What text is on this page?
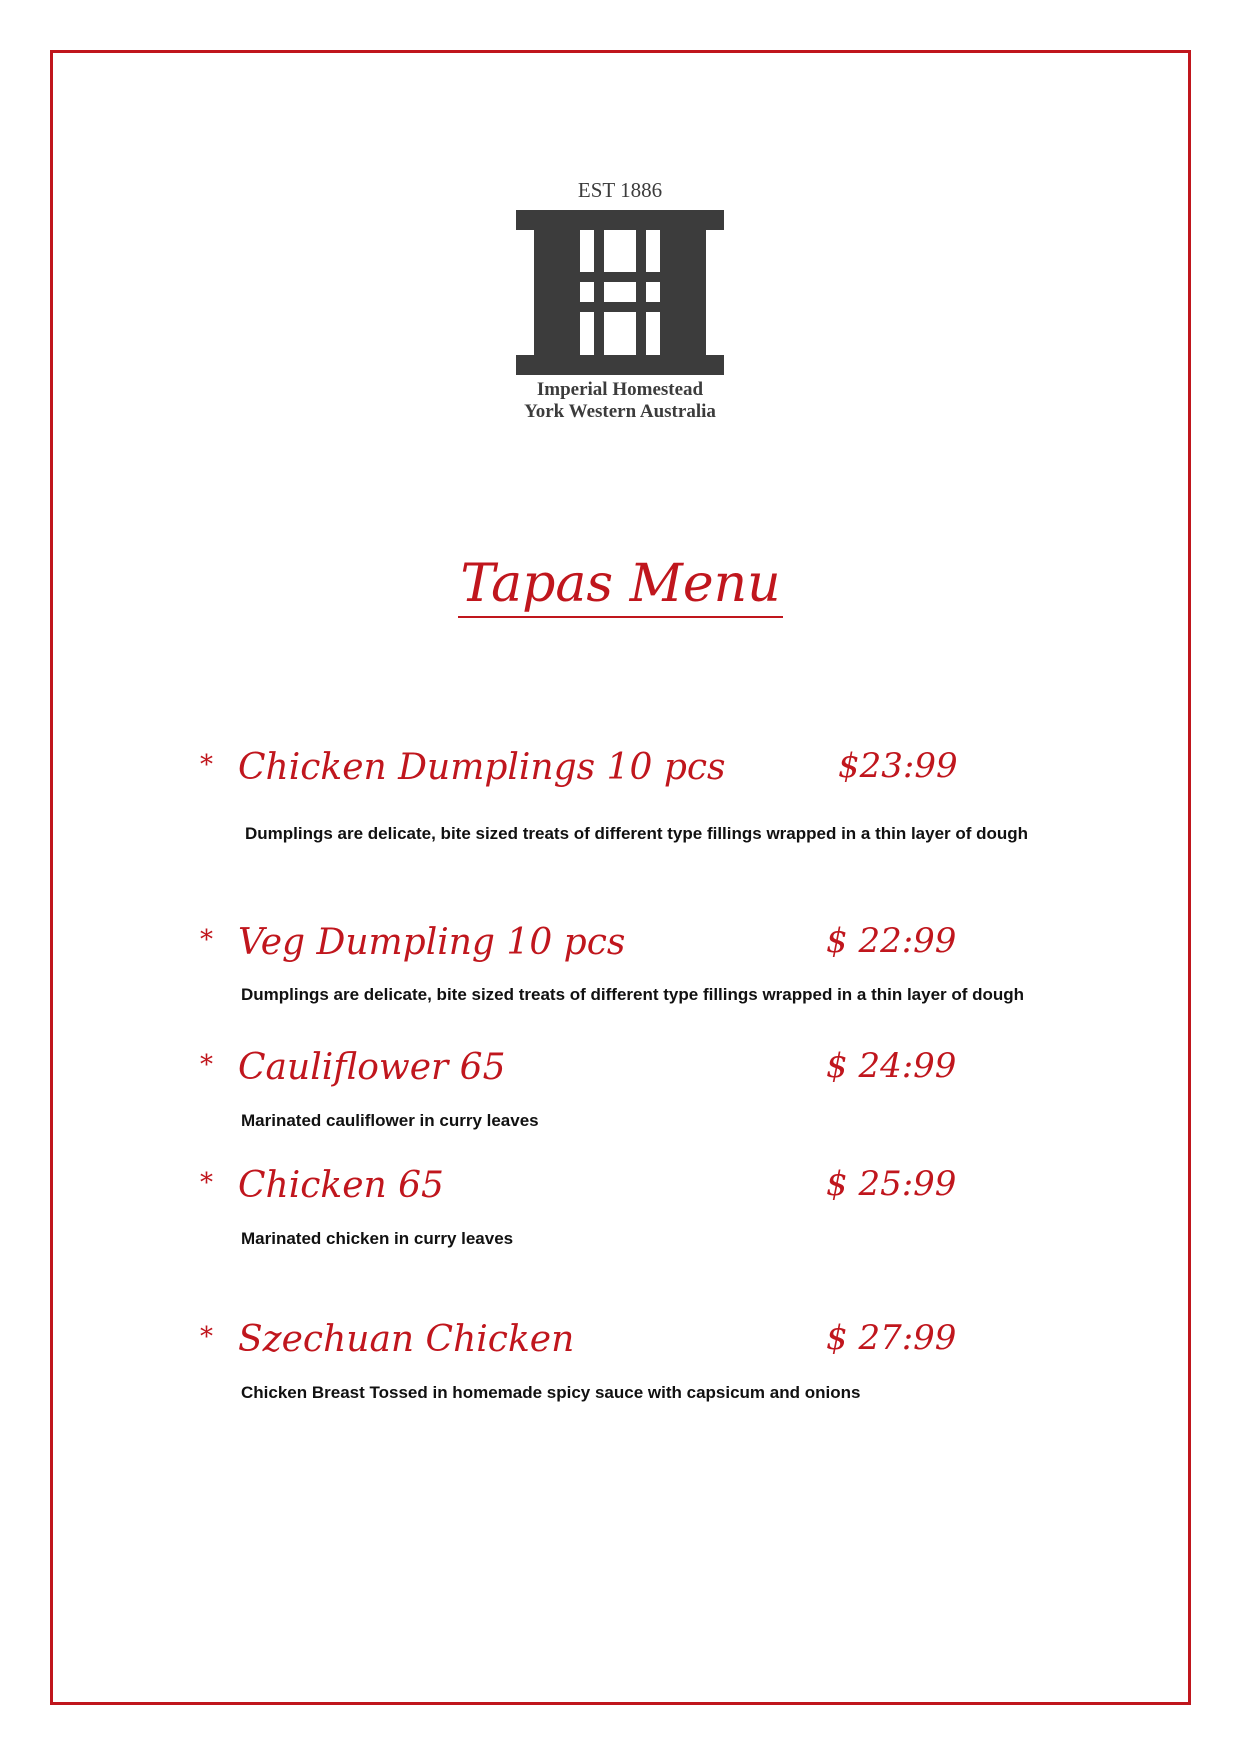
EST 1886
Imperial Homestead
York Western Australia
Tapas Menu
* Chicken Dumplings 10 pcs	$23:99
Dumplings are delicate, bite sized treats of different type fillings wrapped in a thin layer of dough
* Veg Dumpling 10 pcs	$ 22:99
Dumplings are delicate, bite sized treats of different type fillings wrapped in a thin layer of dough
* Cauliflower 65	$ 24:99
Marinated cauliflower in curry leaves
* Chicken 65	$ 25:99
Marinated chicken in curry leaves
* Szechuan Chicken	$ 27:99
Chicken Breast Tossed in homemade spicy sauce with capsicum and onions
